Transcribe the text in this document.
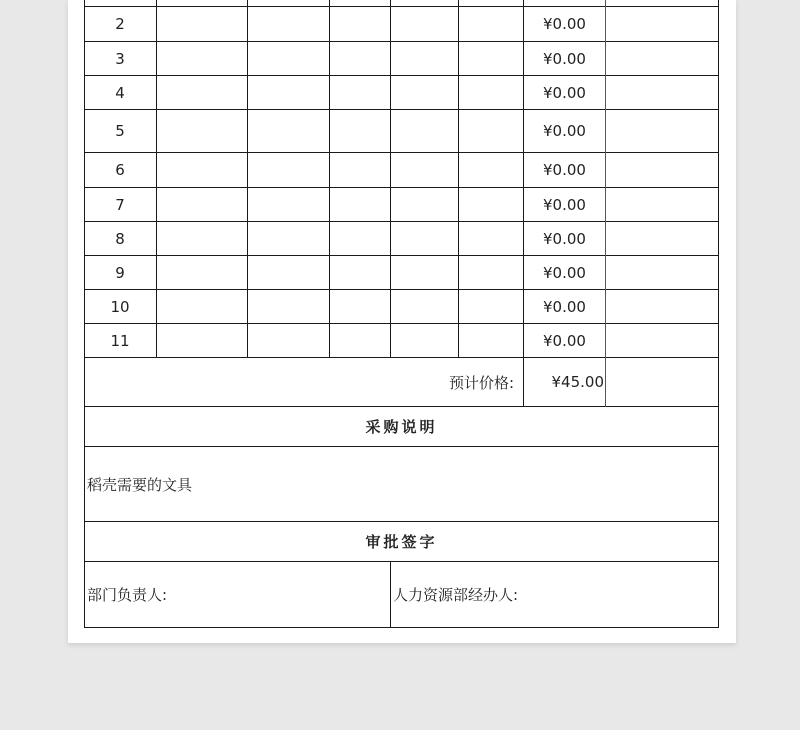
2	¥0.00
3	¥0.00
4	¥0.00
5	¥0.00
6	¥0.00
7	¥0.00
8	¥0.00
9	¥0.00
10	¥0.00
11	¥0.00
预计价格:	¥45.00
采购说明
稻壳需要的文具
审批签字
部门负责人:	人力资源部经办人:
